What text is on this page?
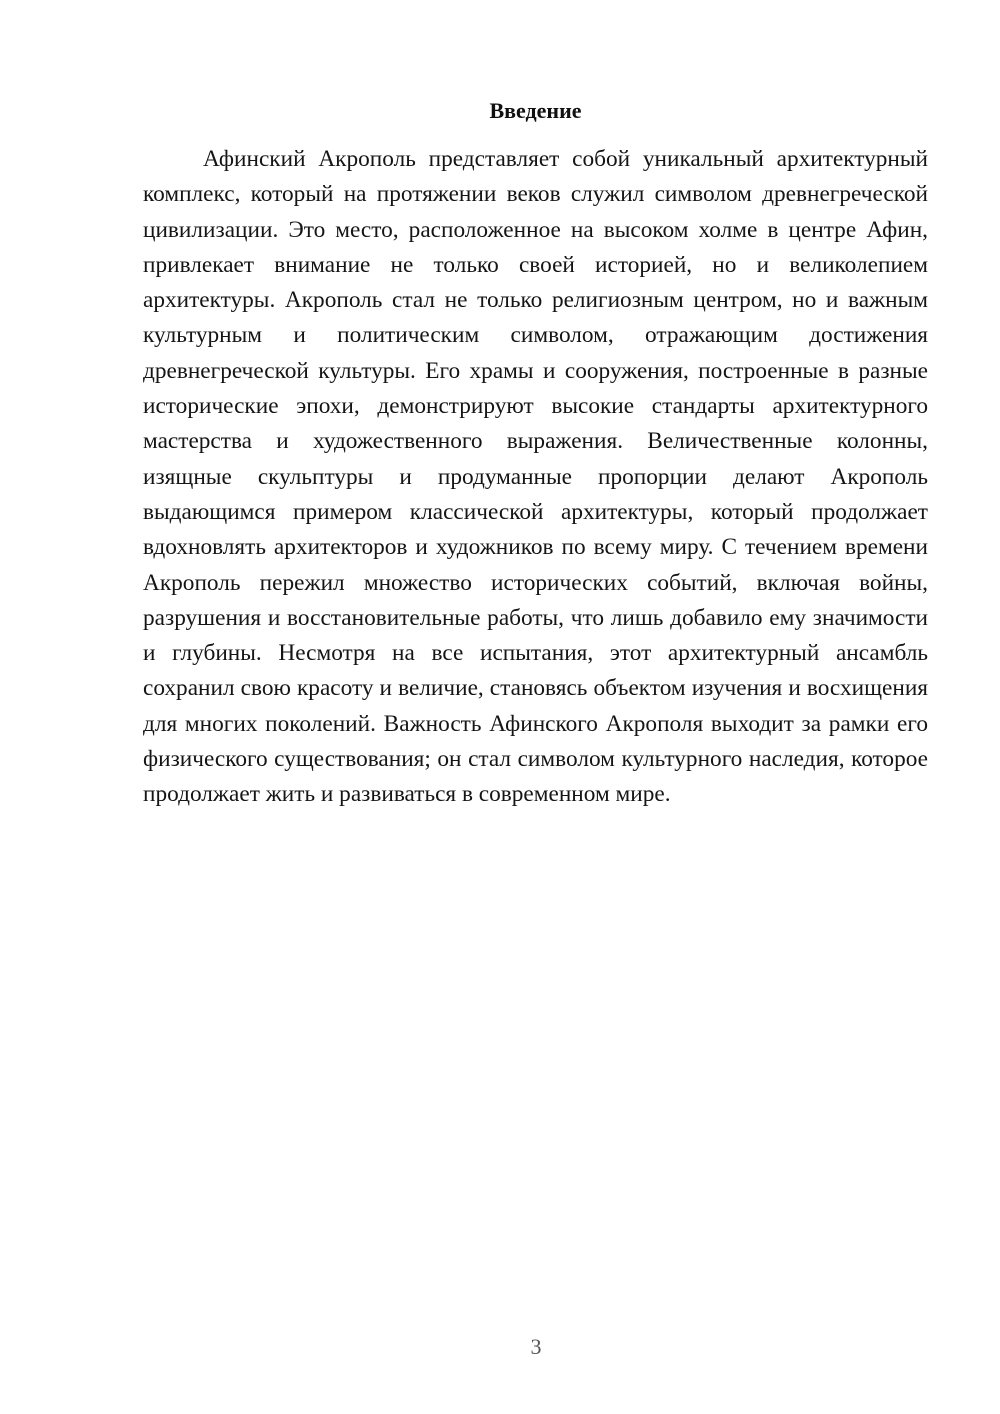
Введение

Афинский Акрополь представляет собой уникальный архитектурный комплекс, который на протяжении веков служил символом древнегреческой цивилизации. Это место, расположенное на высоком холме в центре Афин, привлекает внимание не только своей историей, но и великолепием архитектуры. Акрополь стал не только религиозным центром, но и важным культурным и политическим символом, отражающим достижения древнегреческой культуры. Его храмы и сооружения, построенные в разные исторические эпохи, демонстрируют высокие стандарты архитектурного мастерства и художественного выражения. Величественные колонны, изящные скульптуры и продуманные пропорции делают Акрополь выдающимся примером классической архитектуры, который продолжает вдохновлять архитекторов и художников по всему миру. С течением времени Акрополь пережил множество исторических событий, включая войны, разрушения и восстановительные работы, что лишь добавило ему значимости и глубины. Несмотря на все испытания, этот архитектурный ансамбль сохранил свою красоту и величие, становясь объектом изучения и восхищения для многих поколений. Важность Афинского Акрополя выходит за рамки его физического существования; он стал символом культурного наследия, которое продолжает жить и развиваться в современном мире.

3
